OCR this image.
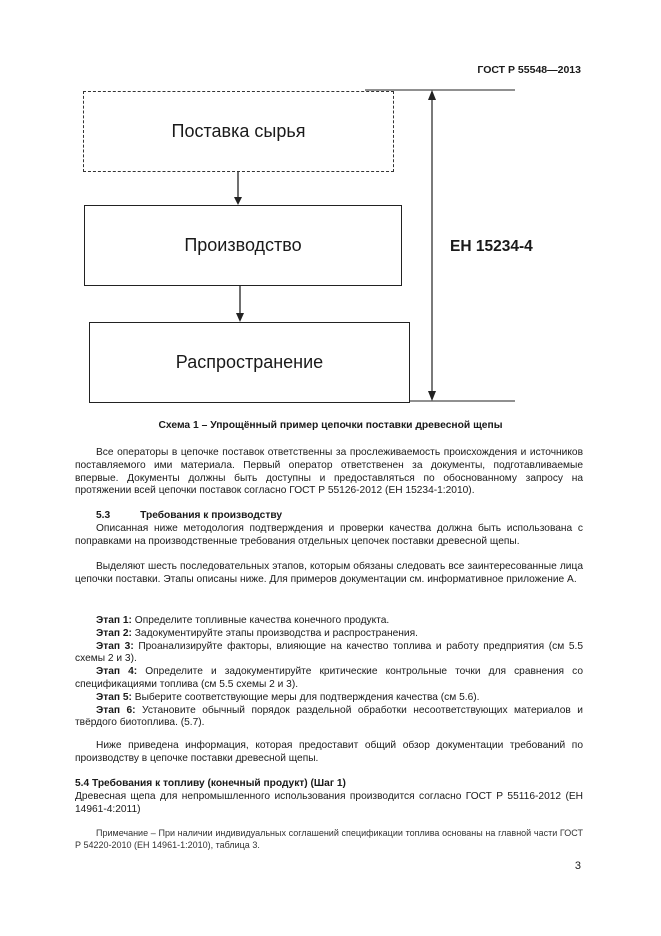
ГОСТ Р 55548—2013
Поставка сырья
Производство
Распространение
EH 15234-4
Схема 1 – Упрощённый пример цепочки поставки древесной щепы
Все операторы в цепочке поставок ответственны за прослеживаемость происхождения и источников поставляемого ими материала. Первый оператор ответственен за документы, подготавливаемые впервые. Документы должны быть доступны и предоставляться по обоснованному запросу на протяжении всей цепочки поставок согласно ГОСТ Р 55126-2012 (EH 15234-1:2010).
5.3	Требования к производству
Описанная ниже методология подтверждения и проверки качества должна быть использована с поправками на производственные требования отдельных цепочек поставки древесной щепы.
Выделяют шесть последовательных этапов, которым обязаны следовать все заинтересованные лица цепочки поставки. Этапы описаны ниже. Для примеров документации см. информативное приложение А.
Этап 1: Определите топливные качества конечного продукта.
Этап 2: Задокументируйте этапы производства и распространения.
Этап 3: Проанализируйте факторы, влияющие на качество топлива и работу предприятия (см 5.5 схемы 2 и 3).
Этап 4: Определите и задокументируйте критические контрольные точки для сравнения со спецификациями топлива (см 5.5 схемы 2 и 3).
Этап 5: Выберите соответствующие меры для подтверждения качества (см 5.6).
Этап 6: Установите обычный порядок раздельной обработки несоответствующих материалов и твёрдого биотоплива. (5.7).
Ниже приведена информация, которая предоставит общий обзор документации требований по производству в цепочке поставки древесной щепы.
5.4 Требования к топливу (конечный продукт) (Шаг 1)
Древесная щепа для непромышленного использования производится согласно ГОСТ Р 55116-2012 (EH 14961-4:2011)
Примечание – При наличии индивидуальных соглашений спецификации топлива основаны на главной части ГОСТ Р 54220-2010 (EH 14961-1:2010), таблица 3.
3
